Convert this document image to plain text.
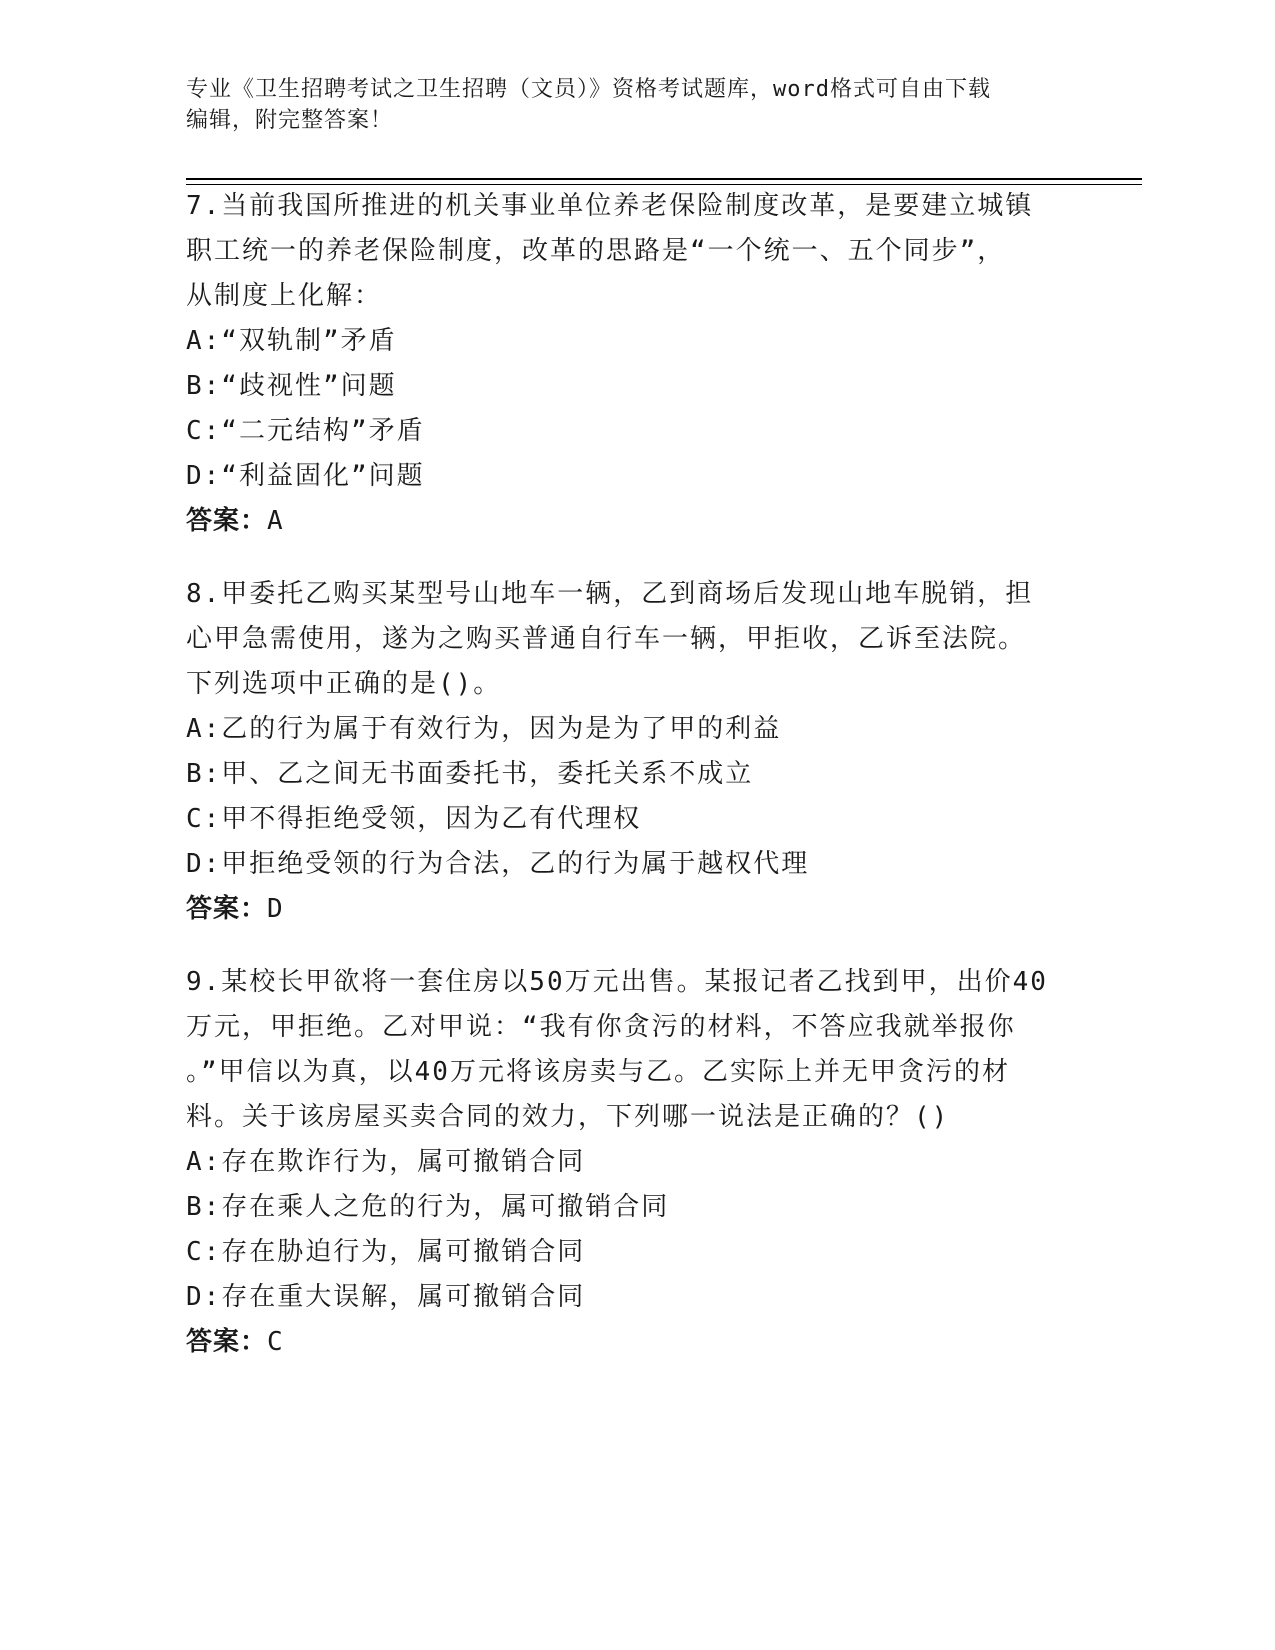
专业《卫生招聘考试之卫生招聘（文员）》资格考试题库，word格式可自由下载
编辑，附完整答案！

7.当前我国所推进的机关事业单位养老保险制度改革，是要建立城镇

职工统一的养老保险制度，改革的思路是“一个统一、五个同步”，

从制度上化解：

A:“双轨制”矛盾

B:“歧视性”问题

C:“二元结构”矛盾

D:“利益固化”问题

答案：A

8.甲委托乙购买某型号山地车一辆，乙到商场后发现山地车脱销，担

心甲急需使用，遂为之购买普通自行车一辆，甲拒收，乙诉至法院。

下列选项中正确的是()。

A:乙的行为属于有效行为，因为是为了甲的利益

B:甲、乙之间无书面委托书，委托关系不成立

C:甲不得拒绝受领，因为乙有代理权

D:甲拒绝受领的行为合法，乙的行为属于越权代理

答案：D

9.某校长甲欲将一套住房以50万元出售。某报记者乙找到甲，出价40

万元，甲拒绝。乙对甲说：“我有你贪污的材料，不答应我就举报你

。”甲信以为真，以40万元将该房卖与乙。乙实际上并无甲贪污的材

料。关于该房屋买卖合同的效力，下列哪一说法是正确的？()

A:存在欺诈行为，属可撤销合同

B:存在乘人之危的行为，属可撤销合同

C:存在胁迫行为，属可撤销合同

D:存在重大误解，属可撤销合同

答案：C
